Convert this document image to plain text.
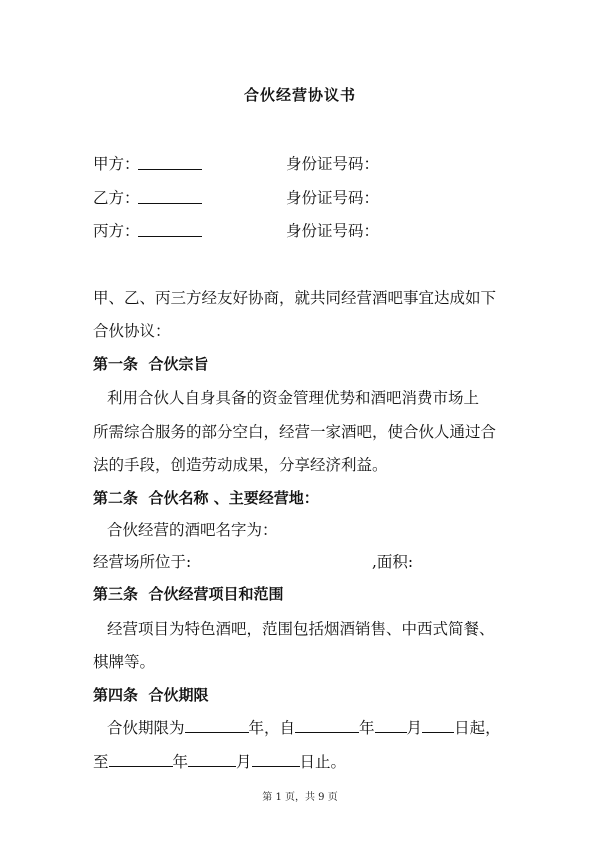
合伙经营协议书
甲方：	身份证号码：
乙方：	身份证号码：
丙方：	身份证号码：
甲、乙、丙三方经友好协商，就共同经营酒吧事宜达成如下
合伙协议：
第一条 合伙宗旨
利用合伙人自身具备的资金管理优势和酒吧消费市场上
所需综合服务的部分空白，经营一家酒吧，使合伙人通过合
法的手段，创造劳动成果，分享经济利益。
第二条 合伙名称 、主要经营地：
合伙经营的酒吧名字为：
经营场所位于:	,面积:
第三条 合伙经营项目和范围
经营项目为特色酒吧，范围包括烟酒销售、中西式简餐、
棋牌等。
第四条 合伙期限
合伙期限为	年，自	年 月 日起，
至	年	月	日止。
第 1 页，共 9 页
